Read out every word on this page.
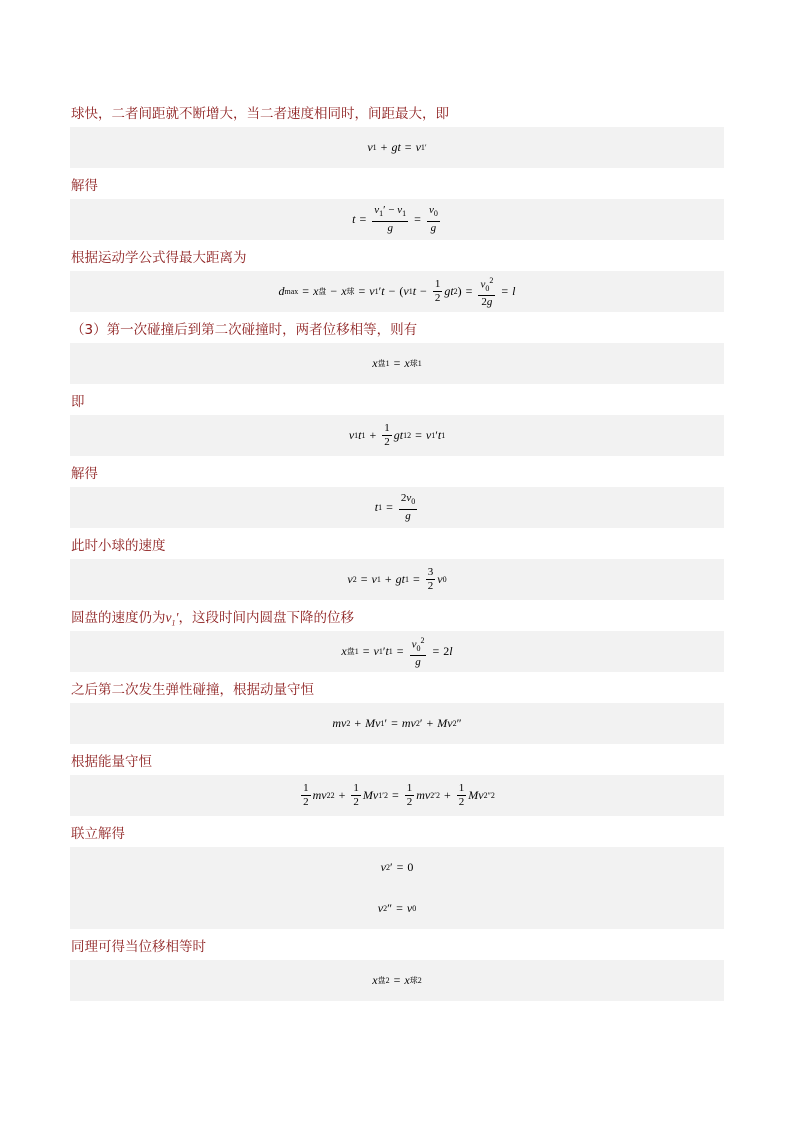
球快，二者间距就不断增大，当二者速度相同时，间距最大，即
v 1 + gt = v 1 ′
解得
$t = \frac{v_1' - v_1}{g} = \frac{v_0}{g}$
根据运动学公式得最大距离为
d max = x 盘 − x 球 = v 1 ′ t − ( v 1 $t - \frac{1}{2}$ gt 2 ) = $\frac{v_0^2}{2g} = l$
（3）第一次碰撞后到第二次碰撞时，两者位移相等，则有
x 盘1 = x 球1
即
v 1 t $1 + \frac{1}{2}$ gt 1 2 = v 1 ′ t 1
解得
t $1 = \frac{2v_0}{g}$
此时小球的速度
v 2 = v 1 + gt $1 = \frac{3}{2}$ v 0
圆盘的速度仍为$v_1'$，这段时间内圆盘下降的位移
x 盘1 = v 1 ′ t $1 = \frac{v_0^2}{g} = 2$ l
之后第二次发生弹性碰撞，根据动量守恒
mv 2 + Mv 1 ′ = mv 2 ′ + Mv 2 ″
根据能量守恒
$\frac{1}{2}$ mv 2 $2 + \frac{1}{2}$ Mv 1 $'2 = \frac{1}{2}$ mv 2 $'2 + \frac{1}{2}$ Mv 2 ″2
联立解得
v 2 ′ = 0
v 2 ″ = v 0
同理可得当位移相等时
x 盘2 = x 球2
